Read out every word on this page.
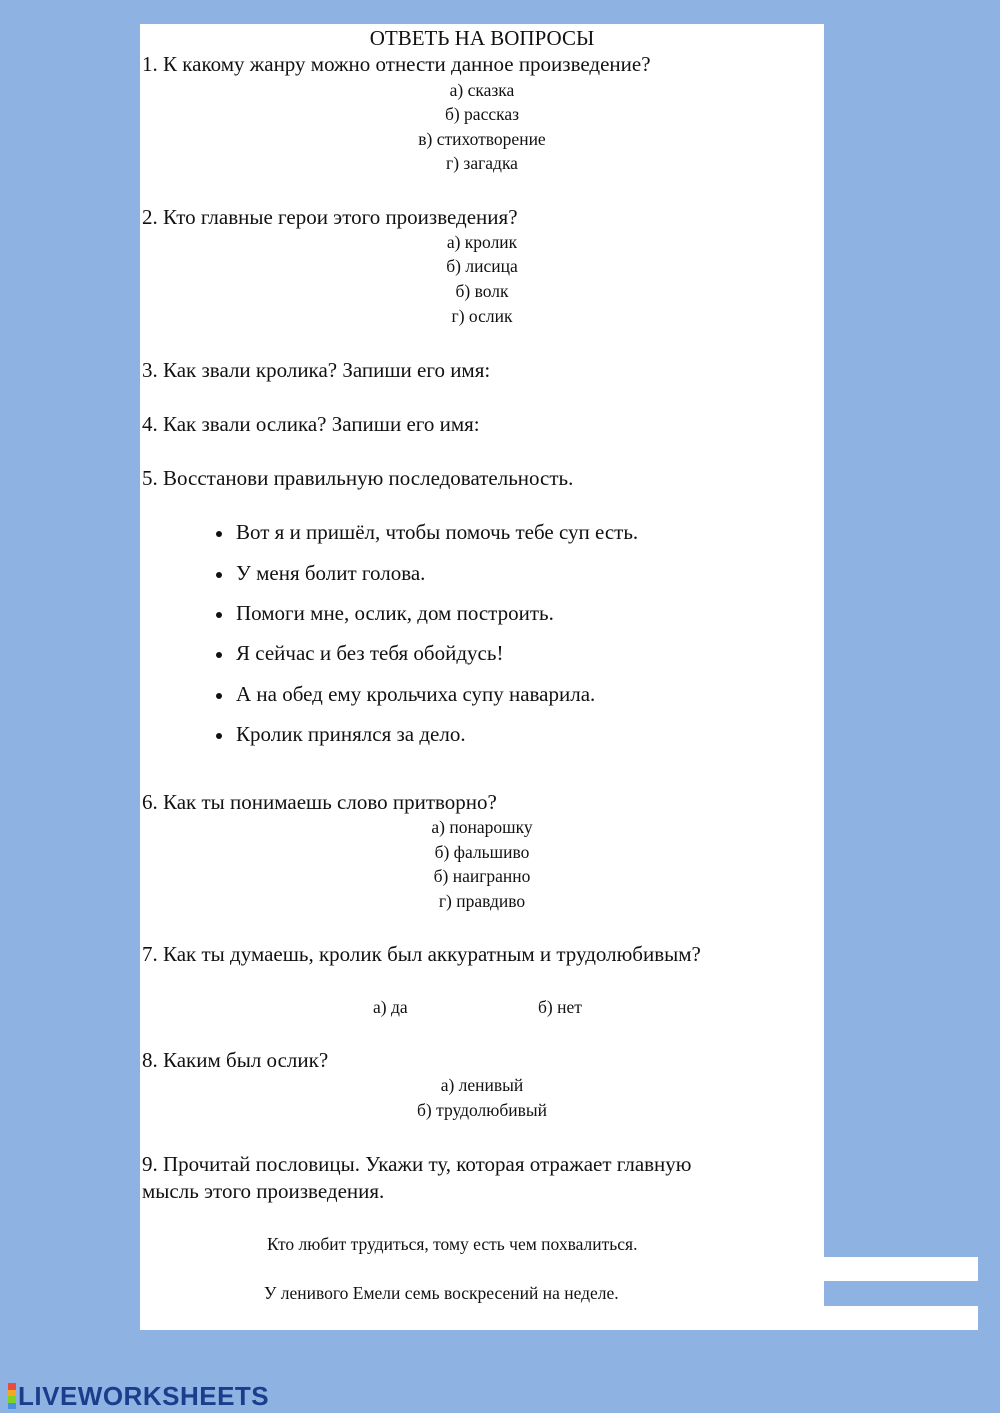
ОТВЕТЬ НА ВОПРОСЫ
1. К какому жанру можно отнести данное произведение?
а) сказка
б) рассказ
в) стихотворение
г) загадка
2. Кто главные герои этого произведения?
а) кролик
б) лисица
б) волк
г) ослик
3. Как звали кролика? Запиши его имя:
4. Как звали ослика? Запиши его имя:
5. Восстанови правильную последовательность.
Вот я и пришёл, чтобы помочь тебе суп есть.
У меня болит голова.
Помоги мне, ослик, дом построить.
Я сейчас и без тебя обойдусь!
А на обед ему крольчиха супу наварила.
Кролик принялся за дело.
6. Как ты понимаешь слово притворно?
а) понарошку
б) фальшиво
б) наигранно
г) правдиво
7. Как ты думаешь, кролик был аккуратным и трудолюбивым?
а) да	б) нет
8. Каким был ослик?
а) ленивый
б) трудолюбивый
9. Прочитай пословицы. Укажи ту, которая отражает главную
мысль этого произведения.
Кто любит трудиться, тому есть чем похвалиться.
У ленивого Емели семь воскресений на неделе.
LIVEWORKSHEETS
